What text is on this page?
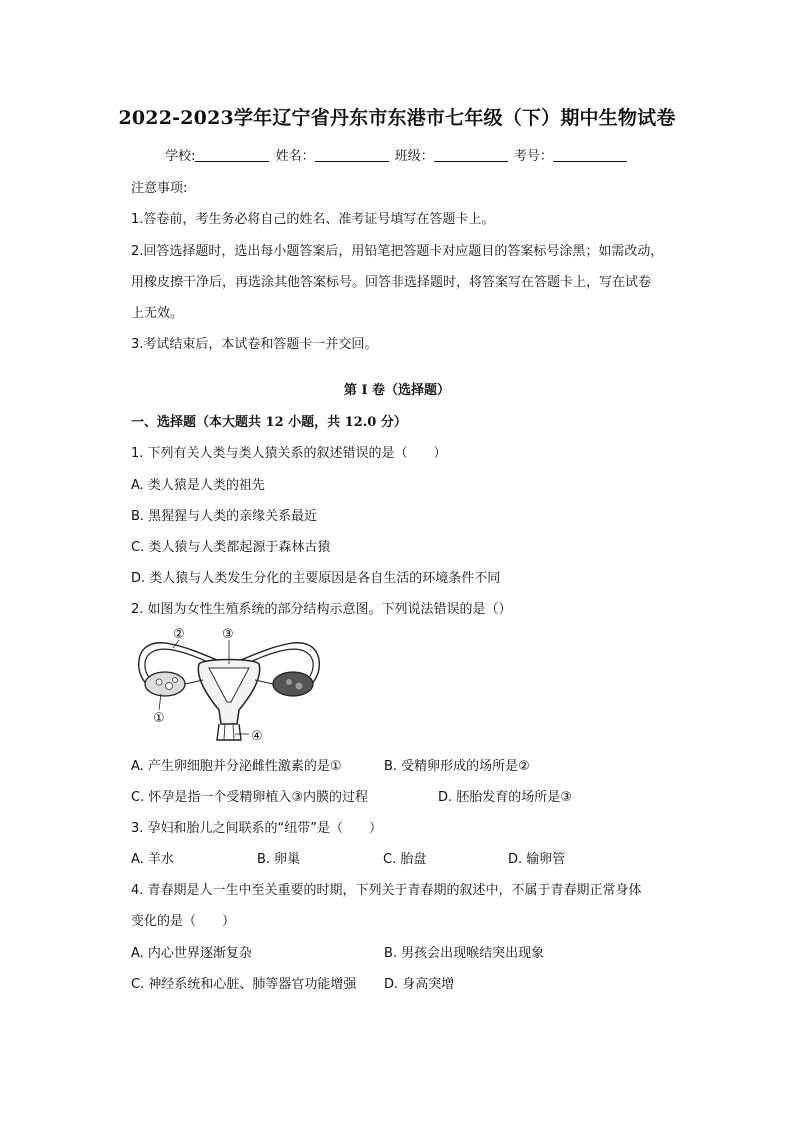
2022-2023学年辽宁省丹东市东港市七年级（下）期中生物试卷
学校:	姓名：	班级：	考号：
注意事项:
1.答卷前，考生务必将自己的姓名、准考证号填写在答题卡上。
2.回答选择题时，选出每小题答案后，用铅笔把答题卡对应题目的答案标号涂黑；如需改动，
用橡皮擦干净后，再选涂其他答案标号。回答非选择题时，将答案写在答题卡上，写在试卷
上无效。
3.考试结束后，本试卷和答题卡一并交回。
第 I 卷（选择题）
一、选择题（本大题共 12 小题，共 12.0 分）
1. 下列有关人类与类人猿关系的叙述错误的是（　　）
A. 类人猿是人类的祖先
B. 黑猩猩与人类的亲缘关系最近
C. 类人猿与人类都起源于森林古猿
D. 类人猿与人类发生分化的主要原因是各自生活的环境条件不同
2. 如图为女性生殖系统的部分结构示意图。下列说法错误的是（）
②	③
①
④
A. 产生卵细胞并分泌雌性激素的是①	B. 受精卵形成的场所是②
C. 怀孕是指一个受精卵植入③内膜的过程	D. 胚胎发育的场所是③
3. 孕妇和胎儿之间联系的“纽带”是（　　）
A. 羊水	B. 卵巢	C. 胎盘	D. 输卵管
4. 青春期是人一生中至关重要的时期，下列关于青春期的叙述中，不属于青春期正常身体
变化的是（　　）
A. 内心世界逐渐复杂	B. 男孩会出现喉结突出现象
C. 神经系统和心脏、肺等器官功能增强 D. 身高突增
